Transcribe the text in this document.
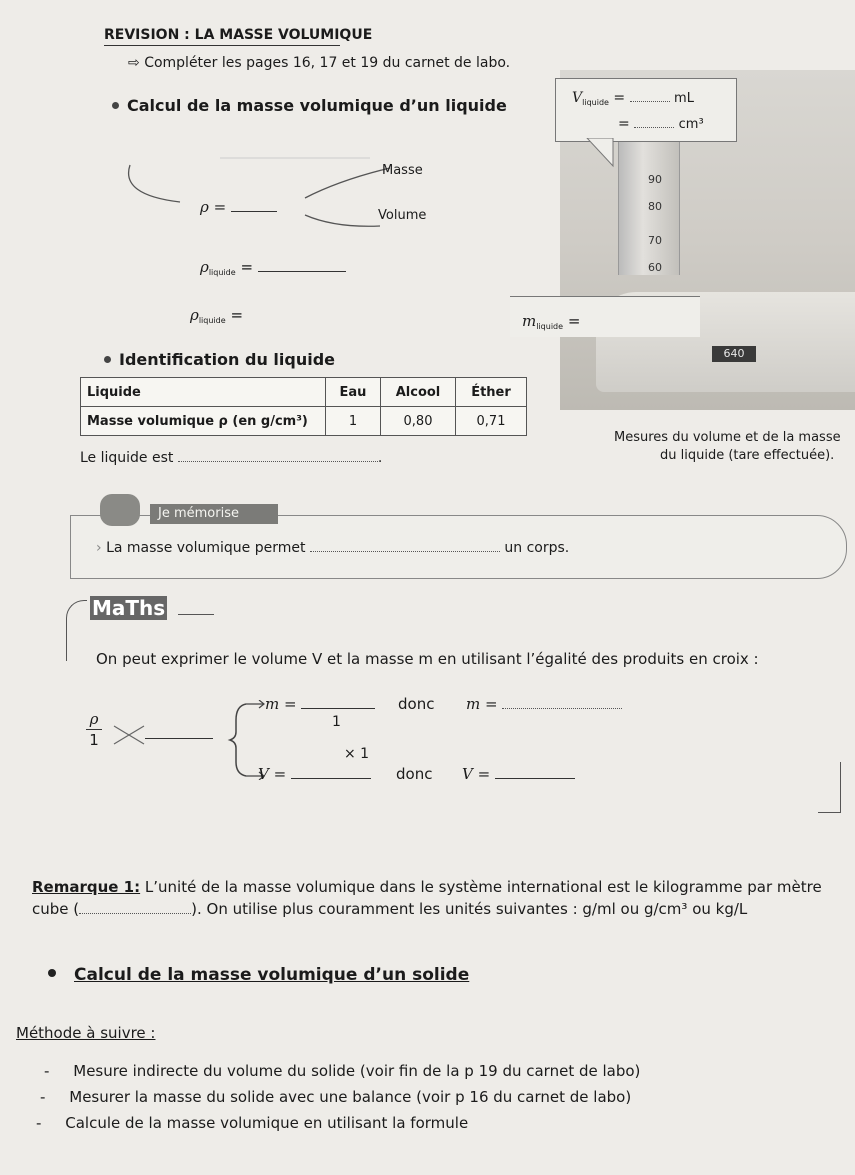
REVISION : LA MASSE VOLUMIQUE
⇨ Compléter les pages 16, 17 et 19 du carnet de labo.
Calcul de la masse volumique d’un liquide
Masse
Volume
ρ =
$\rho_{liquide}$ =
$\rho_{liquide}$ =
90
80
70
60
640
$V_{liquide}$ =	mL
=	cm³
$m_{liquide}$ =
Mesures du volume et de la masse
du liquide (tare effectuée).
Identification du liquide
Liquide	Eau	Alcool	Éther
Masse volumique ρ (en g/cm³)	1	0,80	0,71
Le liquide est	.
Je mémorise
› La masse volumique permet	un corps.
MaThs
On peut exprimer le volume V et la masse m en utilisant l’égalité des produits en croix :
ρ
1
m =
1
V =
× 1
donc m =
donc V =
Remarque 1: L’unité de la masse volumique dans le système international est le kilogramme par mètre
cube (	). On utilise plus couramment les unités suivantes : g/ml ou g/cm³ ou kg/L
Calcul de la masse volumique d’un solide
Méthode à suivre :
-     Mesure indirecte du volume du solide (voir fin de la p 19 du carnet de labo)
-     Mesurer la masse du solide avec une balance (voir p 16 du carnet de labo)
-     Calcule de la masse volumique en utilisant la formule
